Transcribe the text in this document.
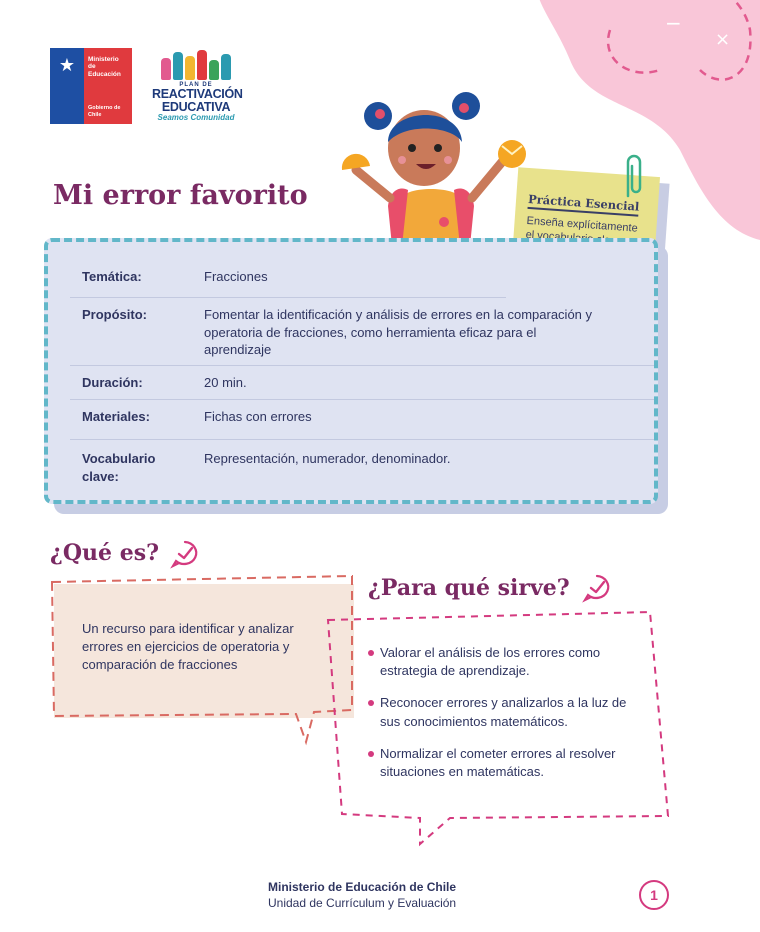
−
×
★	Ministerio de Educación
Gobierno de Chile
PLAN DE
REACTIVACIÓN
EDUCATIVA
Seamos Comunidad
Mi error favorito	Práctica Esencial
Enseña explícitamente el
Temática:	Fracciones
Propósito:	Fomentar la identificación y análisis de errores en la comparación y operatoria de fracciones, como herramienta eficaz para el aprendizaje
Duración:	20 min.
Materiales:	Fichas con errores
Vocabulario clave:
Representación, numerador, denominador.
¿Qué es?
Un recurso para identificar y analizar errores en ejercicios de operatoria y comparación de fracciones
¿Para qué sirve?
Valorar el análisis de los errores como estrategia de aprendizaje.
Reconocer errores y analizarlos a la luz de sus conocimientos matemáticos.
Normalizar el cometer errores al resolver situaciones en matemáticas.
Ministerio de Educación de Chile
Unidad de Currículum y Evaluación	1
